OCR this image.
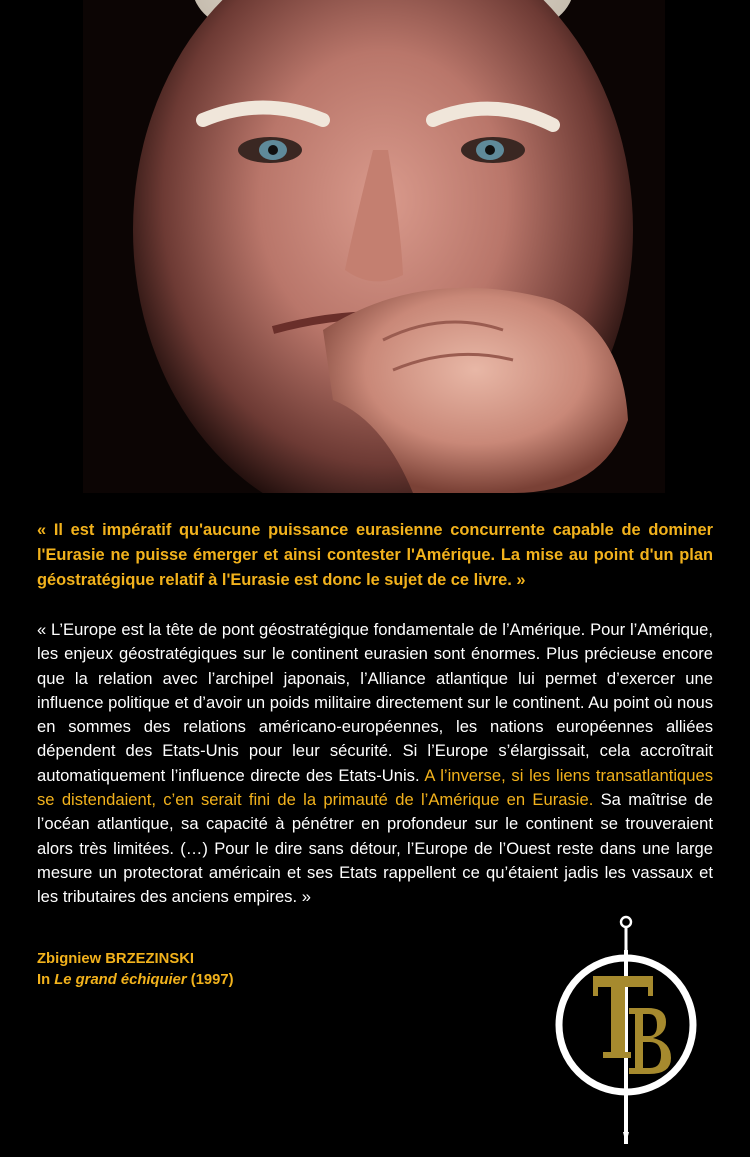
« Il est impératif qu'aucune puissance eurasienne concurrente capable de dominer l'Eurasie ne puisse émerger et ainsi contester l'Amérique. La mise au point d'un plan géostratégique relatif à l'Eurasie est donc le sujet de ce livre. »

« L’Europe est la tête de pont géostratégique fondamentale de l’Amérique. Pour l’Amérique, les enjeux géostratégiques sur le continent eurasien sont énormes. Plus précieuse encore que la relation avec l’archipel japonais, l’Alliance atlantique lui permet d’exercer une influence politique et d’avoir un poids militaire directement sur le continent. Au point où nous en sommes des relations américano-européennes, les nations européennes alliées dépendent des Etats-Unis pour leur sécurité. Si l’Europe s’élargissait, cela accroîtrait automatiquement l’influence directe des Etats-Unis. A l’inverse, si les liens transatlantiques se distendaient, c’en serait fini de la primauté de l’Amérique en Eurasie. Sa maîtrise de l’océan atlantique, sa capacité à pénétrer en profondeur sur le continent se trouveraient alors très limitées. (…) Pour le dire sans détour, l’Europe de l’Ouest reste dans une large mesure un protectorat américain et ses Etats rappellent ce qu’étaient jadis les vassaux et les tributaires des anciens empires. »

Zbigniew BRZEZINSKI
In Le grand échiquier (1997)
